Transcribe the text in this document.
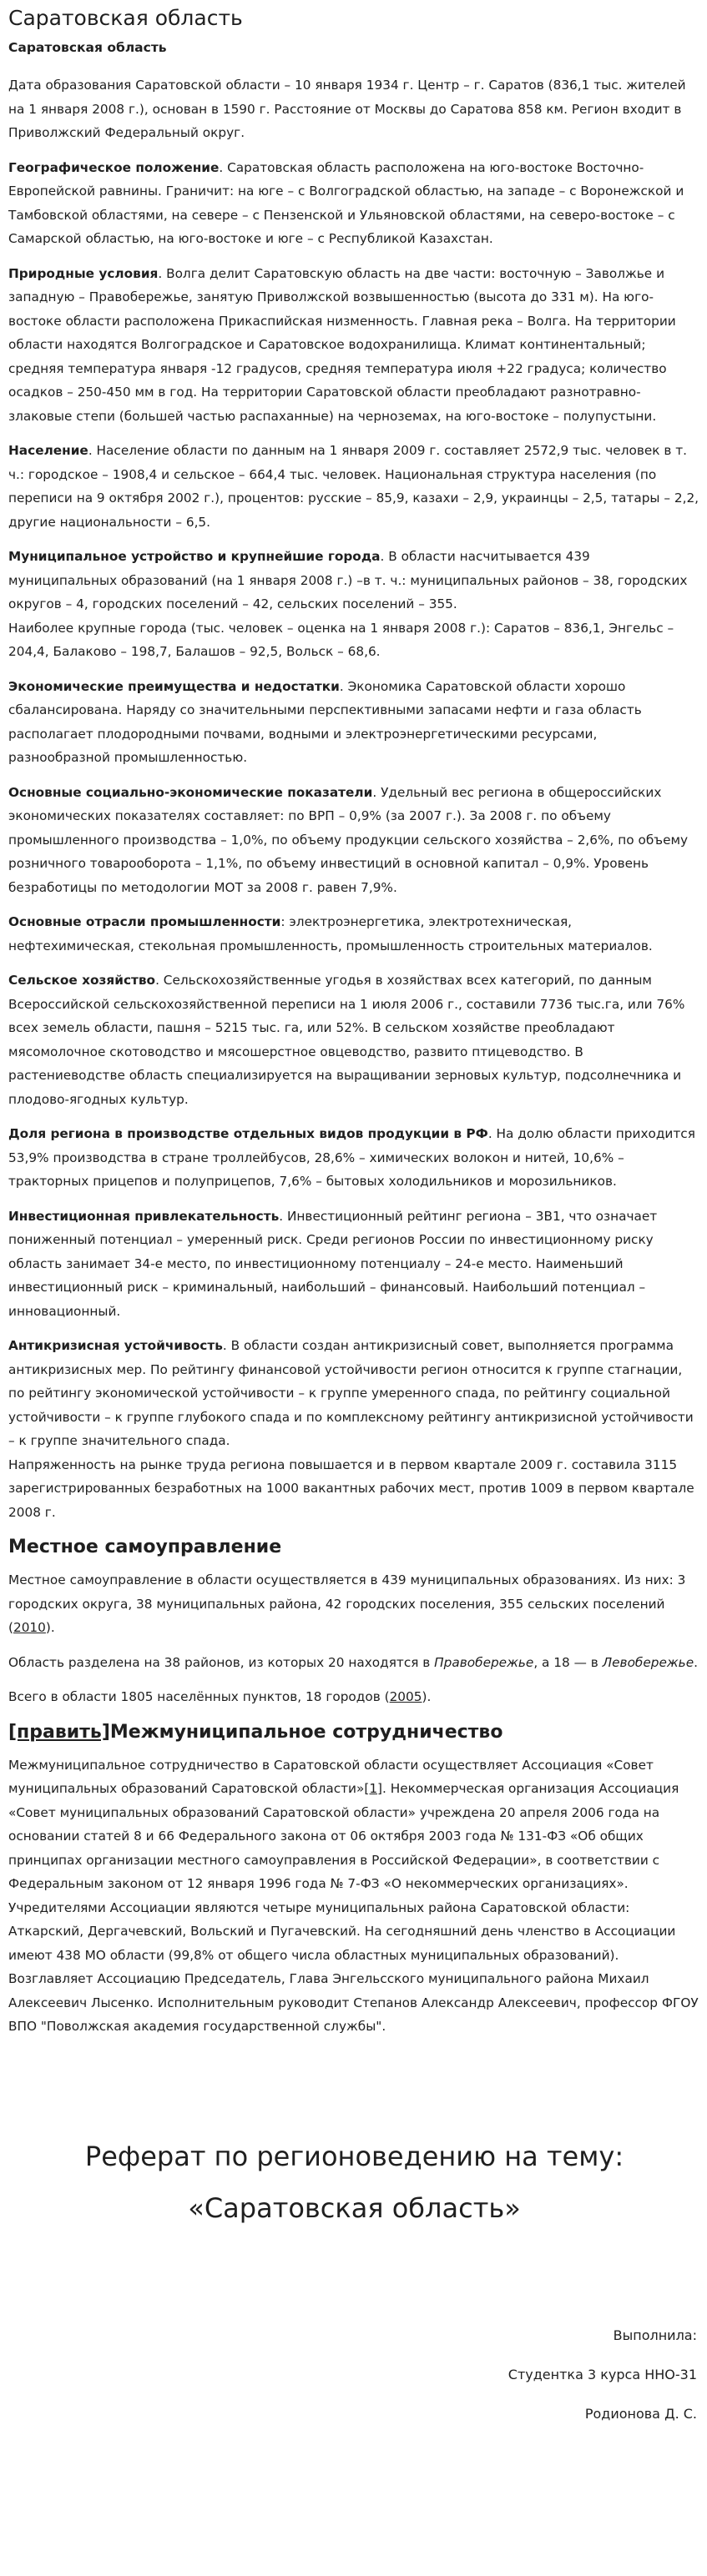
Саратовская область
Саратовская область

Дата образования Саратовской области – 10 января 1934 г. Центр – г. Саратов (836,1 тыс. жителей на 1 января 2008 г.), основан в 1590 г. Расстояние от Москвы до Саратова 858 км. Регион входит в Приволжский Федеральный округ.

Географическое положение. Саратовская область расположена на юго-востоке Восточно-Европейской равнины. Граничит: на юге – с Волгоградской областью, на западе – с Воронежской и Тамбовской областями, на севере – с Пензенской и Ульяновской областями, на северо-востоке – с Самарской областью, на юго-востоке и юге – с Республикой Казахстан.

Природные условия. Волга делит Саратовскую область на две части: восточную – Заволжье и западную – Правобережье, занятую Приволжской возвышенностью (высота до 331 м). На юго-востоке области расположена Прикаспийская низменность. Главная река – Волга. На территории области находятся Волгоградское и Саратовское водохранилища. Климат континентальный; средняя температура января -12 градусов, средняя температура июля +22 градуса; количество осадков – 250-450 мм в год. На территории Саратовской области преобладают разнотравно-злаковые степи (большей частью распаханные) на черноземах, на юго-востоке – полупустыни.

Население. Население области по данным на 1 января 2009 г. составляет 2572,9 тыс. человек в т. ч.: городское – 1908,4 и сельское – 664,4 тыс. человек. Национальная структура населения (по переписи на 9 октября 2002 г.), процентов: русские – 85,9, казахи – 2,9, украинцы – 2,5, татары – 2,2, другие национальности – 6,5.

Муниципальное устройство и крупнейшие города. В области насчитывается 439 муниципальных образований (на 1 января 2008 г.) –в т. ч.: муниципальных районов – 38, городских округов – 4, городских поселений – 42, сельских поселений – 355.
Наиболее крупные города (тыс. человек – оценка на 1 января 2008 г.): Саратов – 836,1, Энгельс – 204,4, Балаково – 198,7, Балашов – 92,5, Вольск – 68,6.

Экономические преимущества и недостатки. Экономика Саратовской области хорошо сбалансирована. Наряду со значительными перспективными запасами нефти и газа область располагает плодородными почвами, водными и электроэнергетическими ресурсами, разнообразной промышленностью.

Основные социально-экономические показатели. Удельный вес региона в общероссийских экономических показателях составляет: по ВРП – 0,9% (за 2007 г.). За 2008 г. по объему промышленного производства – 1,0%, по объему продукции сельского хозяйства – 2,6%, по объему розничного товарооборота – 1,1%, по объему инвестиций в основной капитал – 0,9%. Уровень безработицы по методологии МОТ за 2008 г. равен 7,9%.

Основные отрасли промышленности: электроэнергетика, электротехническая, нефтехимическая, стекольная промышленность, промышленность строительных материалов.

Сельское хозяйство. Сельскохозяйственные угодья в хозяйствах всех категорий, по данным Всероссийской сельскохозяйственной переписи на 1 июля 2006 г., составили 7736 тыс.га, или 76% всех земель области, пашня – 5215 тыс. га, или 52%. В сельском хозяйстве преобладают мясомолочное скотоводство и мясошерстное овцеводство, развито птицеводство. В растениеводстве область специализируется на выращивании зерновых культур, подсолнечника и плодово-ягодных культур.

Доля региона в производстве отдельных видов продукции в РФ. На долю области приходится 53,9% производства в стране троллейбусов, 28,6% – химических волокон и нитей, 10,6% – тракторных прицепов и полуприцепов, 7,6% – бытовых холодильников и морозильников.

Инвестиционная привлекательность. Инвестиционный рейтинг региона – 3В1, что означает пониженный потенциал – умеренный риск. Среди регионов России по инвестиционному риску область занимает 34-е место, по инвестиционному потенциалу – 24-е место. Наименьший инвестиционный риск – криминальный, наибольший – финансовый. Наибольший потенциал – инновационный.

Антикризисная устойчивость. В области создан антикризисный совет, выполняется программа антикризисных мер. По рейтингу финансовой устойчивости регион относится к группе стагнации, по рейтингу экономической устойчивости – к группе умеренного спада, по рейтингу социальной устойчивости – к группе глубокого спада и по комплексному рейтингу антикризисной устойчивости – к группе значительного спада.
Напряженность на рынке труда региона повышается и в первом квартале 2009 г. составила 3115 зарегистрированных безработных на 1000 вакантных рабочих мест, против 1009 в первом квартале 2008 г.

Местное самоуправление

Местное самоуправление в области осуществляется в 439 муниципальных образованиях. Из них: 3 городских округа, 38 муниципальных района, 42 городских поселения, 355 сельских поселений (2010).

Область разделена на 38 районов, из которых 20 находятся в Правобережье, а 18 — в Левобережье.

Всего в области 1805 населённых пунктов, 18 городов (2005).

[править]Межмуниципальное сотрудничество

Межмуниципальное сотрудничество в Саратовской области осуществляет Ассоциация «Совет муниципальных образований Саратовской области»[1]. Некоммерческая организация Ассоциация «Совет муниципальных образований Саратовской области» учреждена 20 апреля 2006 года на основании статей 8 и 66 Федерального закона от 06 октября 2003 года № 131-ФЗ «Об общих принципах организации местного самоуправления в Российской Федерации», в соответствии с Федеральным законом от 12 января 1996 года № 7-ФЗ «О некоммерческих организациях». Учредителями Ассоциации являются четыре муниципальных района Саратовской области: Аткарский, Дергачевский, Вольский и Пугачевский. На сегодняшний день членство в Ассоциации имеют 438 МО области (99,8% от общего числа областных муниципальных образований). Возглавляет Ассоциацию Председатель, Глава Энгельсского муниципального района Михаил Алексеевич Лысенко. Исполнительным руководит Степанов Александр Алексеевич, профессор ФГОУ ВПО "Поволжская академия государственной службы".

Реферат по регионоведению на тему:
«Саратовская область»
Выполнила:
Студентка 3 курса ННО-31
Родионова Д. С.
